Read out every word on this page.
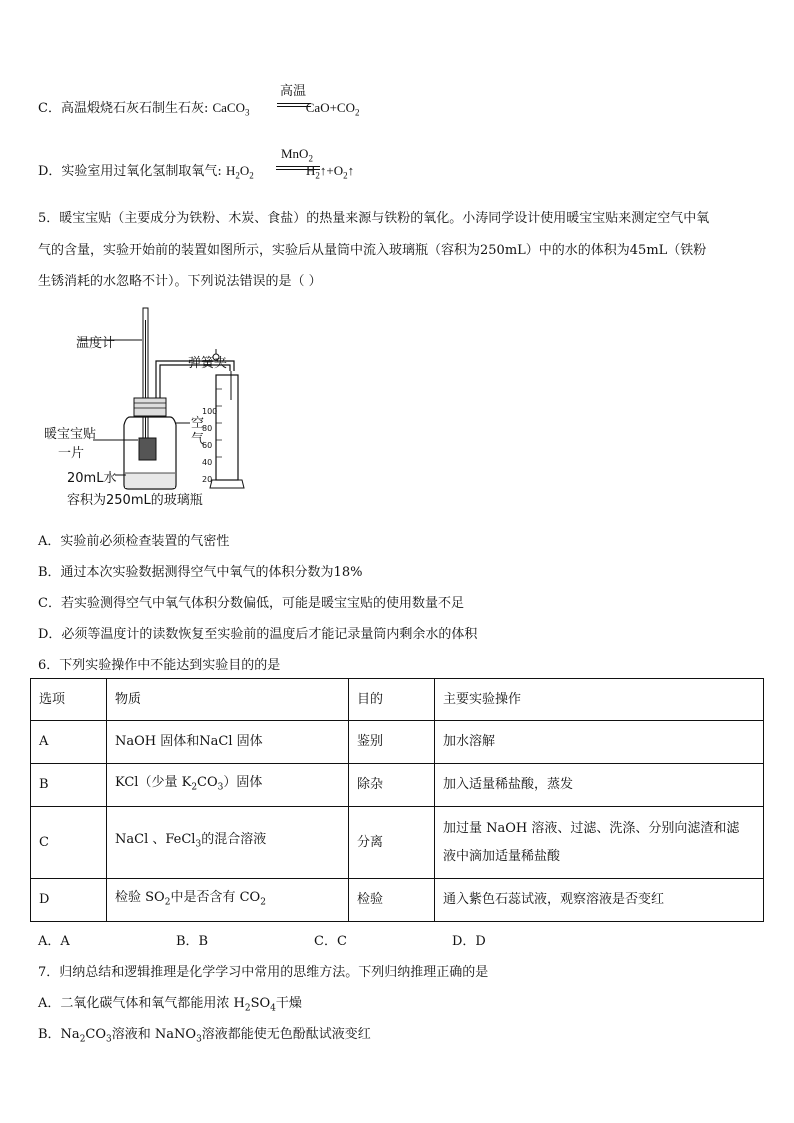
C．高温煅烧石灰石制生石灰: CaCO$_3$	$CaO+CO_2$
高温
D．实验室用过氧化氢制取氧气: $H_2O_2$	$H_2↑+O_2↑$
MnO$_2$
5．暖宝宝贴（主要成分为铁粉、木炭、食盐）的热量来源与铁粉的氧化。小涛同学设计使用暖宝宝贴来测定空气中氧
气的含量，实验开始前的装置如图所示，实验后从量筒中流入玻璃瓶（容积为250mL）中的水的体积为45mL（铁粉
生锈消耗的水忽略不计）。下列说法错误的是（ ）
温度计
弹簧夹
暖宝宝贴
一片
空
气
20mL水
容积为250mL的玻璃瓶
100
80
60
40
20
A．实验前必须检查装置的气密性
B．通过本次实验数据测得空气中氧气的体积分数为18%
C．若实验测得空气中氧气体积分数偏低，可能是暖宝宝贴的使用数量不足
D．必须等温度计的读数恢复至实验前的温度后才能记录量筒内剩余水的体积
6．下列实验操作中不能达到实验目的的是
选项	物质	目的	主要实验操作
A	NaOH 固体和NaCl 固体	鉴别	加水溶解
B	KCl（少量 $K_2CO_3$）固体	除杂	加入适量稀盐酸，蒸发
C	NaCl 、FeCl$_3$的混合溶液	分离	加过量 NaOH 溶液、过滤、洗涤、分别向滤渣和滤
液中滴加适量稀盐酸

D	检验 $SO_2$中是否含有 $CO_2$	检验	通入紫色石蕊试液，观察溶液是否变红
A．A	B．B	C．C	D．D
7．归纳总结和逻辑推理是化学学习中常用的思维方法。下列归纳推理正确的是
A．二氧化碳气体和氧气都能用浓 $H_2SO_4$干燥
B．$Na_2CO_3$溶液和 NaNO$_3$溶液都能使无色酚酞试液变红
